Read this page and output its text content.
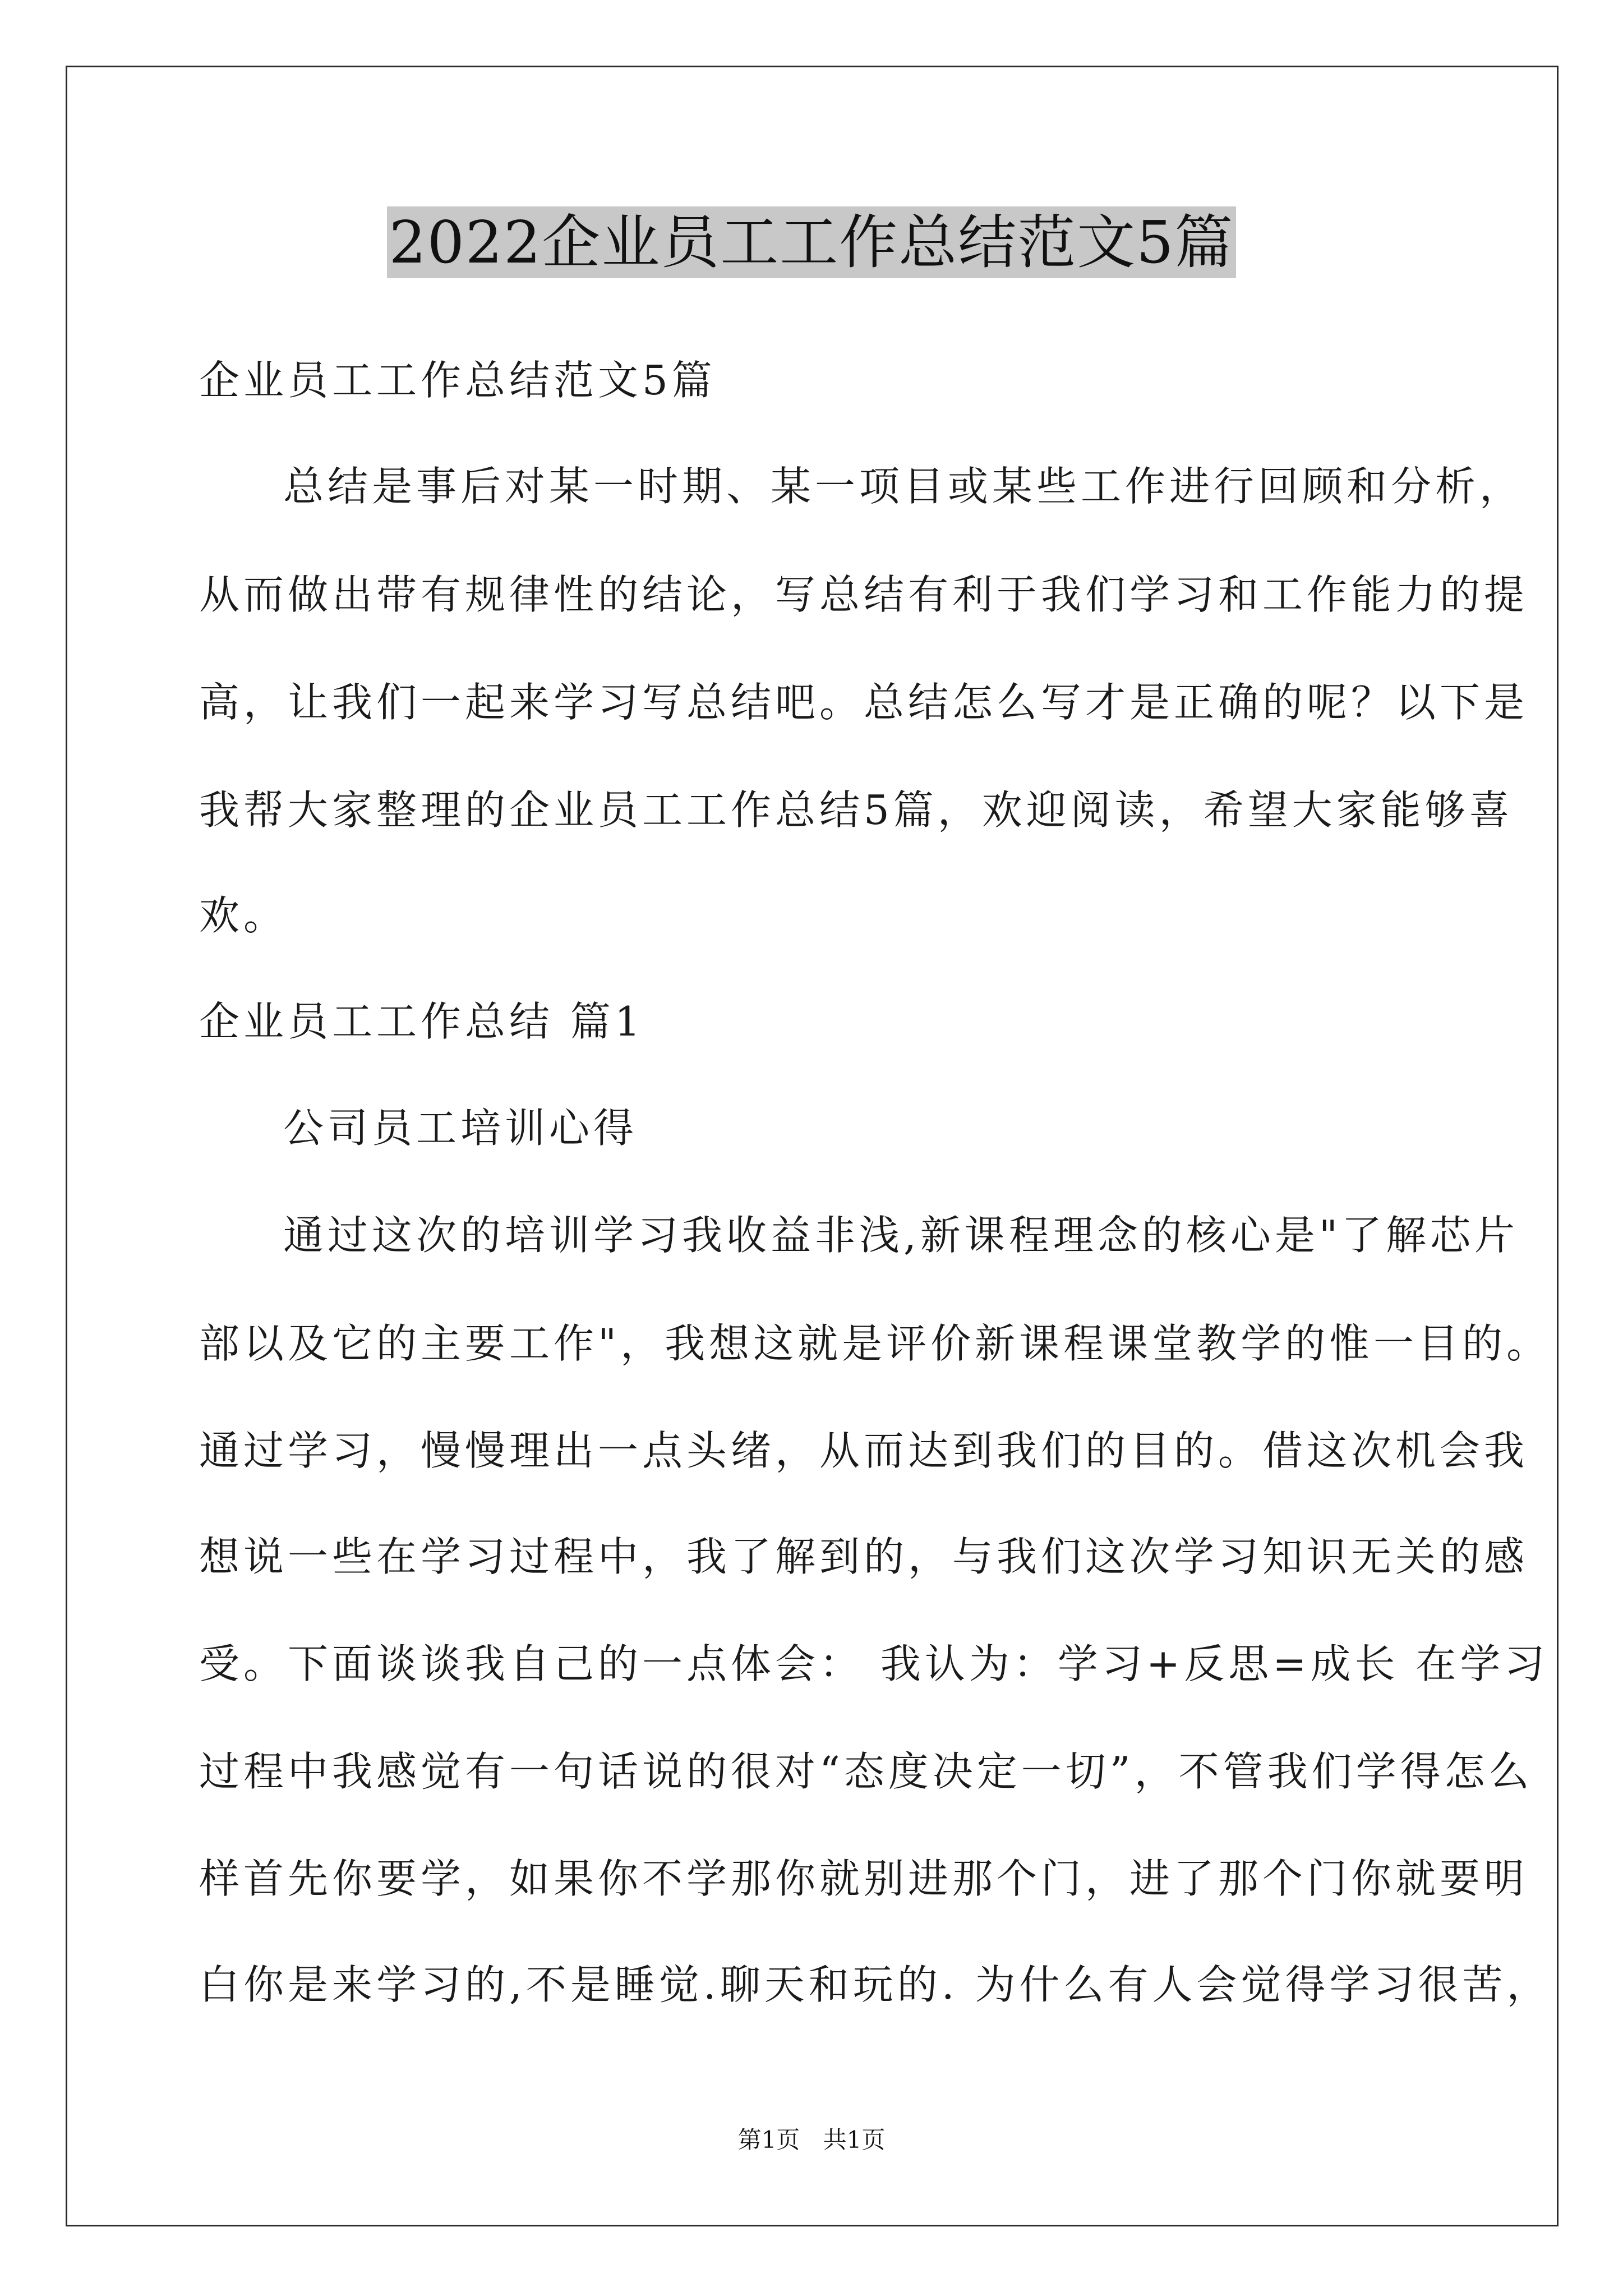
2022企业员工工作总结范文5篇

企业员工工作总结范文5篇

总结是事后对某一时期、某一项目或某些工作进行回顾和分析，

从而做出带有规律性的结论，写总结有利于我们学习和工作能力的提

高，让我们一起来学习写总结吧。总结怎么写才是正确的呢？以下是

我帮大家整理的企业员工工作总结5篇，欢迎阅读，希望大家能够喜

欢。

企业员工工作总结 篇1

公司员工培训心得

通过这次的培训学习我收益非浅,新课程理念的核心是"了解芯片

部以及它的主要工作"，我想这就是评价新课程课堂教学的惟一目的。

通过学习，慢慢理出一点头绪，从而达到我们的目的。借这次机会我

想说一些在学习过程中，我了解到的，与我们这次学习知识无关的感

受。下面谈谈我自己的一点体会： 我认为：学习+反思=成长 在学习

过程中我感觉有一句话说的很对“态度决定一切”，不管我们学得怎么

样首先你要学，如果你不学那你就别进那个门，进了那个门你就要明

白你是来学习的,不是睡觉.聊天和玩的. 为什么有人会觉得学习很苦，

第1页 共1页
